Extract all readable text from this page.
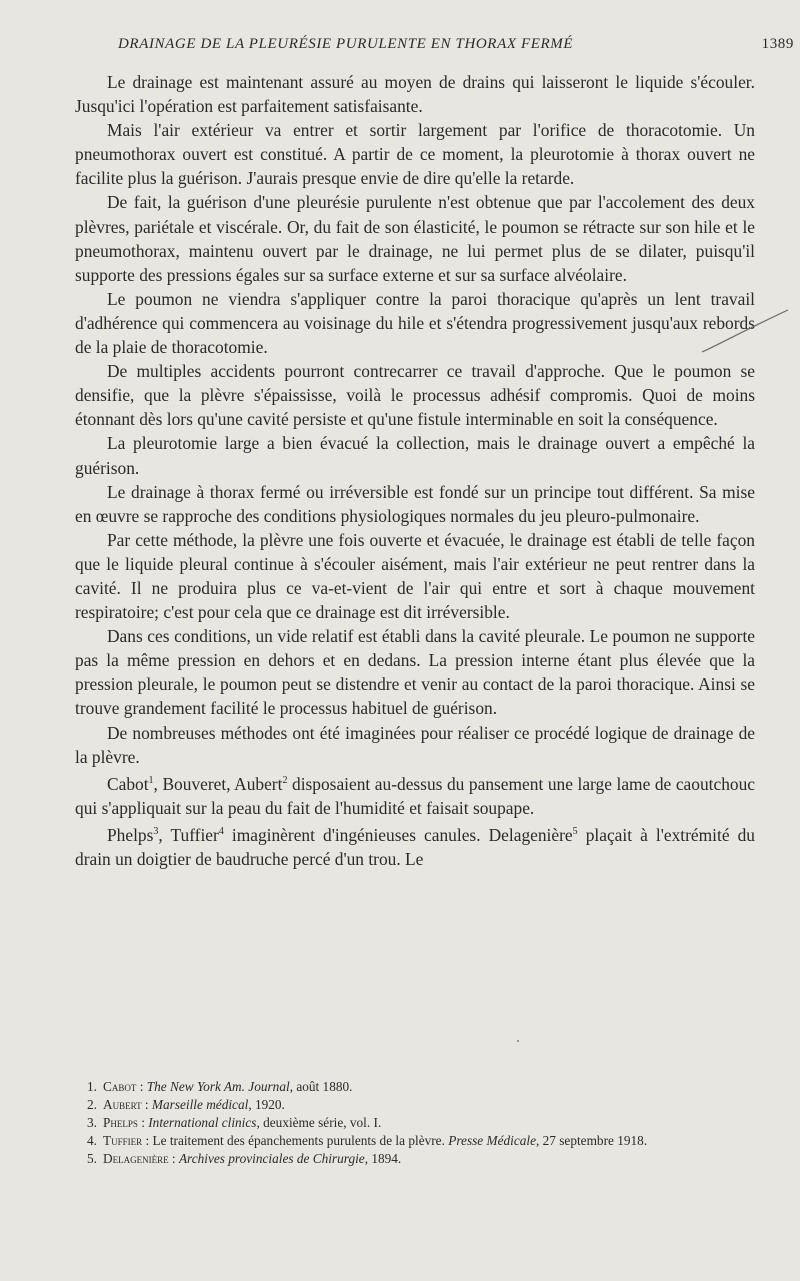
DRAINAGE DE LA PLEURÉSIE PURULENTE EN THORAX FERMÉ	1389

Le drainage est maintenant assuré au moyen de drains qui laisseront le liquide s'écouler. Jusqu'ici l'opération est parfaitement satisfaisante.

Mais l'air extérieur va entrer et sortir largement par l'orifice de thoracotomie. Un pneumothorax ouvert est constitué. A partir de ce moment, la pleurotomie à thorax ouvert ne facilite plus la guérison. J'aurais presque envie de dire qu'elle la retarde.

De fait, la guérison d'une pleurésie purulente n'est obtenue que par l'accolement des deux plèvres, pariétale et viscérale. Or, du fait de son élasticité, le poumon se rétracte sur son hile et le pneumothorax, maintenu ouvert par le drainage, ne lui permet plus de se dilater, puisqu'il supporte des pressions égales sur sa surface externe et sur sa surface alvéolaire.

Le poumon ne viendra s'appliquer contre la paroi thoracique qu'après un lent travail d'adhérence qui commencera au voisinage du hile et s'étendra progressivement jusqu'aux rebords de la plaie de thoracotomie.

De multiples accidents pourront contrecarrer ce travail d'approche. Que le poumon se densifie, que la plèvre s'épaississe, voilà le processus adhésif compromis. Quoi de moins étonnant dès lors qu'une cavité persiste et qu'une fistule interminable en soit la conséquence.

La pleurotomie large a bien évacué la collection, mais le drainage ouvert a empêché la guérison.

Le drainage à thorax fermé ou irréversible est fondé sur un principe tout différent. Sa mise en œuvre se rapproche des conditions physiologiques normales du jeu pleuro-pulmonaire.

Par cette méthode, la plèvre une fois ouverte et évacuée, le drainage est établi de telle façon que le liquide pleural continue à s'écouler aisément, mais l'air extérieur ne peut rentrer dans la cavité. Il ne produira plus ce va-et-vient de l'air qui entre et sort à chaque mouvement respiratoire; c'est pour cela que ce drainage est dit irréversible.

Dans ces conditions, un vide relatif est établi dans la cavité pleurale. Le poumon ne supporte pas la même pression en dehors et en dedans. La pression interne étant plus élevée que la pression pleurale, le poumon peut se distendre et venir au contact de la paroi thoracique. Ainsi se trouve grandement facilité le processus habituel de guérison.

De nombreuses méthodes ont été imaginées pour réaliser ce procédé logique de drainage de la plèvre.

Cabot$^1$, Bouveret, Aubert$^2$ disposaient au-dessus du pansement une large lame de caoutchouc qui s'appliquait sur la peau du fait de l'humidité et faisait soupape.

Phelps$^3$, Tuffier$^4$ imaginèrent d'ingénieuses canules. Delagenière$^5$ plaçait à l'extrémité du drain un doigtier de baudruche percé d'un trou. Le

1. Cabot : The New York Am. Journal, août 1880.

2. Aubert : Marseille médical, 1920.

3. Phelps : International clinics, deuxième série, vol. I.

4. Tuffier : Le traitement des épanchements purulents de la plèvre. Presse Médicale, 27 septembre 1918.

5. Delagenière : Archives provinciales de Chirurgie, 1894.
